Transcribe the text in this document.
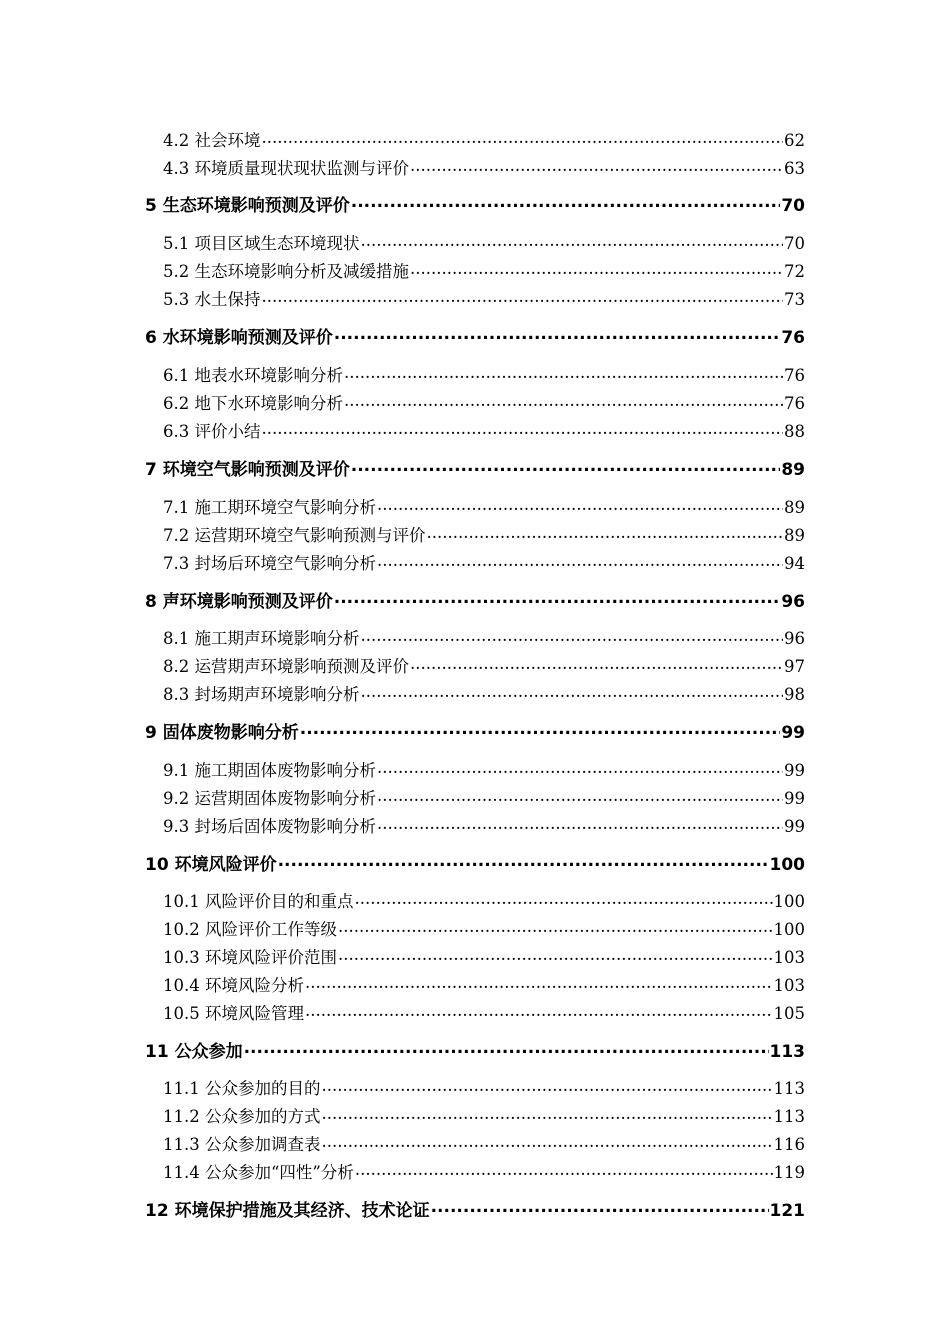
4.2 社会环境 .....	62
4.3 环境质量现状现状监测与评价 .....	63
5 生态环境影响预测及评价 .....	70
5.1 项目区域生态环境现状 .....	70
5.2 生态环境影响分析及减缓措施 .....	72
5.3 水土保持 .....	73
6 水环境影响预测及评价 .....	76
6.1 地表水环境影响分析 .....	76
6.2 地下水环境影响分析 .....	76
6.3 评价小结 .....	88
7 环境空气影响预测及评价 .....	89
7.1 施工期环境空气影响分析 .....	89
7.2 运营期环境空气影响预测与评价 .....	89
7.3 封场后环境空气影响分析 .....	94
8 声环境影响预测及评价 .....	96
8.1 施工期声环境影响分析 .....	96
8.2 运营期声环境影响预测及评价 .....	97
8.3 封场期声环境影响分析 .....	98
9 固体废物影响分析 .....	99
9.1 施工期固体废物影响分析 .....	99
9.2 运营期固体废物影响分析 .....	99
9.3 封场后固体废物影响分析 .....	99
10 环境风险评价 .....	100
10.1 风险评价目的和重点 .....	100
10.2 风险评价工作等级 .....	100
10.3 环境风险评价范围 .....	103
10.4 环境风险分析 .....	103
10.5 环境风险管理 .....	105
11 公众参加 .....	113
11.1 公众参加的目的 .....	113
11.2 公众参加的方式 .....	113
11.3 公众参加调查表 .....	116
11.4 公众参加“四性”分析 .....	119
12 环境保护措施及其经济、技术论证 .....	121
